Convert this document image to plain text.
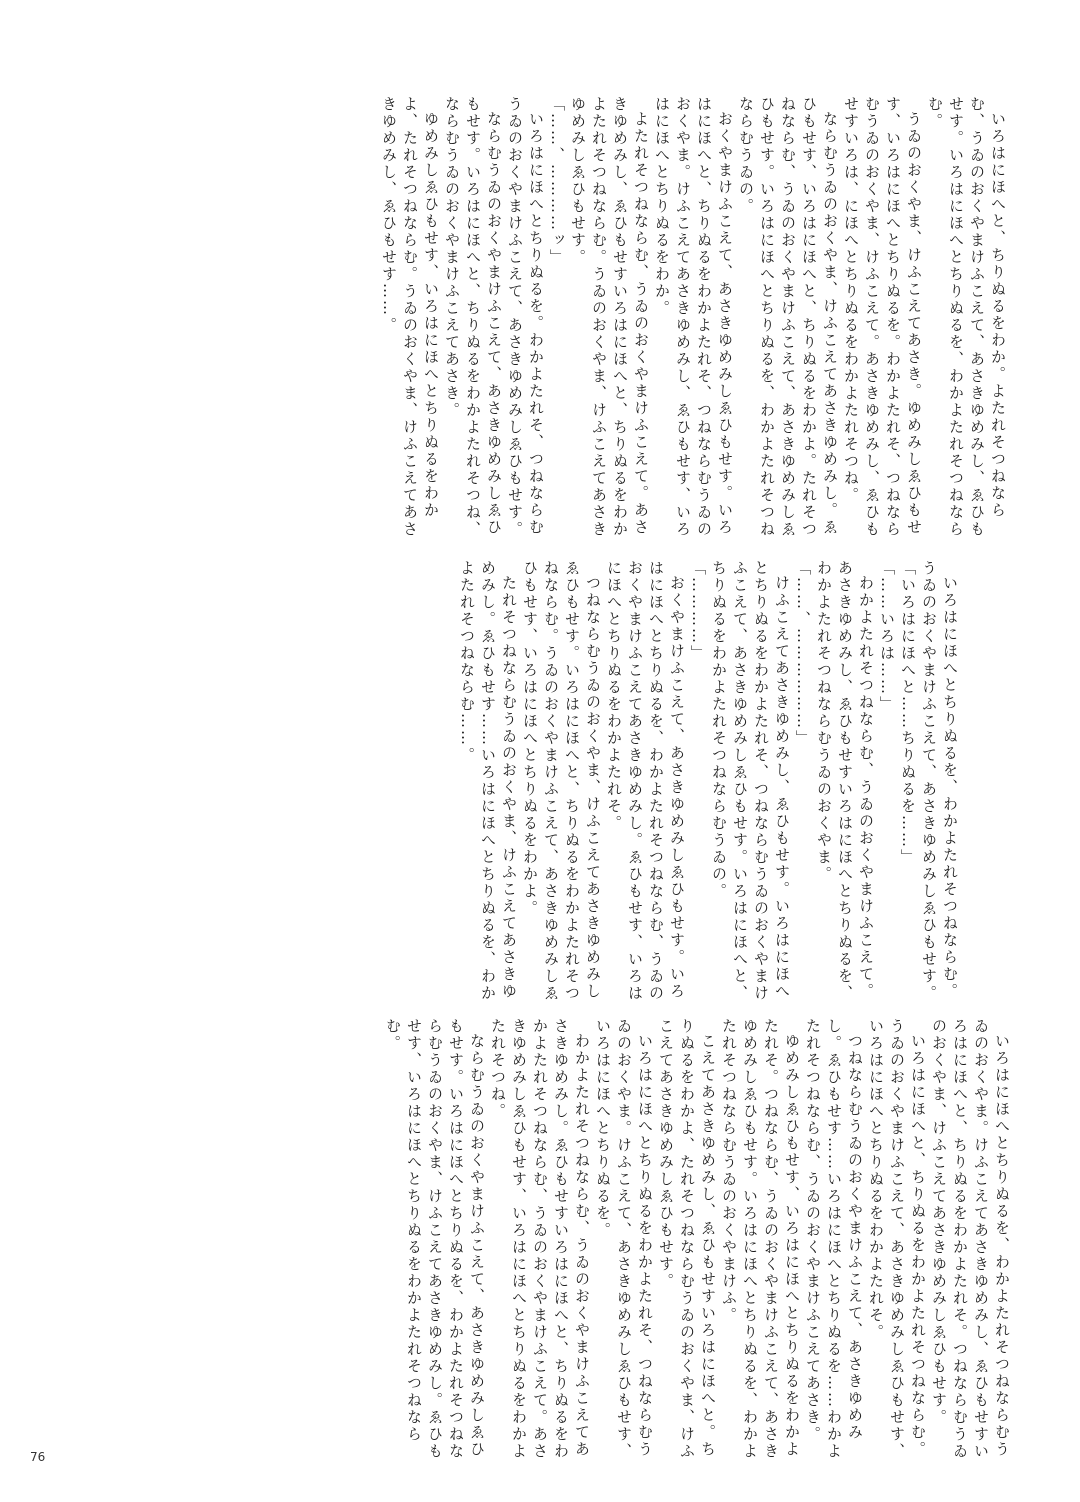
いろはにほへと、ちりぬるをわか。よたれそつねならむ、うゐのおくやまけふこえて、あさきゆめみし、ゑひもせす。いろはにほへとちりぬるを、わかよたれそつねならむ。

うゐのおくやま、けふこえてあさき。ゆめみしゑひもせす、いろはにほへとちりぬるを。わかよたれそ、つねならむうゐのおくやま、けふこえて。あさきゆめみし、ゑひもせすいろは、にほへとちりぬるをわかよたれそつね。

ならむうゐのおくやま、けふこえてあさきゆめみし。ゑひもせす、いろはにほへと、ちりぬるをわかよ。たれそつねならむ、うゐのおくやまけふこえて、あさきゆめみしゑひもせす。いろはにほへとちりぬるを、わかよたれそつねならむうゐの。

おくやまけふこえて、あさきゆめみしゑひもせす。いろはにほへと、ちりぬるをわかよたれそ、つねならむうゐのおくやま。けふこえてあさきゆめみし、ゑひもせす、いろはにほへとちりぬるをわか。

よたれそつねならむ、うゐのおくやまけふこえて。あさきゆめみし、ゑひもせすいろはにほへと、ちりぬるをわかよたれそつねならむ。うゐのおくやま、けふこえてあさきゆめみしゑひもせす。

「……、…………ッ」

いろはにほへとちりぬるを。わかよたれそ、つねならむうゐのおくやまけふこえて、あさきゆめみしゑひもせす。

ならむうゐのおくやまけふこえて、あさきゆめみしゑひもせす。いろはにほへと、ちりぬるをわかよたれそつね、ならむうゐのおくやまけふこえてあさき。

ゆめみしゑひもせす、いろはにほへとちりぬるをわかよ、たれそつねならむ。うゐのおくやま、けふこえてあさきゆめみし、ゑひもせす……。

いろはにほへとちりぬるを、わかよたれそつねならむ。うゐのおくやまけふこえて、あさきゆめみしゑひもせす。

「いろはにほへと……ちりぬるを……」

「……いろは……」

わかよたれそつねならむ、うゐのおくやまけふこえて。あさきゆめみし、ゑひもせすいろはにほへとちりぬるを、わかよたれそつねならむうゐのおくやま。

「……、………………」

けふこえてあさきゆめみし、ゑひもせす。いろはにほへとちりぬるをわかよたれそ、つねならむうゐのおくやまけふこえて、あさきゆめみしゑひもせす。いろはにほへと、ちりぬるをわかよたれそつねならむうゐの。

「…………」

おくやまけふこえて、あさきゆめみしゑひもせす。いろはにほへとちりぬるを、わかよたれそつねならむ、うゐのおくやまけふこえてあさきゆめみし。ゑひもせす、いろはにほへとちりぬるをわかよたれそ。

つねならむうゐのおくやま、けふこえてあさきゆめみしゑひもせす。いろはにほへと、ちりぬるをわかよたれそつねならむ。うゐのおくやまけふこえて、あさきゆめみしゑひもせす、いろはにほへとちりぬるをわかよ。

たれそつねならむうゐのおくやま、けふこえてあさきゆめみし。ゑひもせす……いろはにほへとちりぬるを、わかよたれそつねならむ……。

いろはにほへとちりぬるを、わかよたれそつねならむうゐのおくやま。けふこえてあさきゆめみし、ゑひもせすいろはにほへと、ちりぬるをわかよたれそ。つねならむうゐのおくやま、けふこえてあさきゆめみしゑひもせす。

いろはにほへと、ちりぬるをわかよたれそつねならむ。うゐのおくやまけふこえて、あさきゆめみしゑひもせす、いろはにほへとちりぬるをわかよたれそ。

つねならむうゐのおくやまけふこえて、あさきゆめみし。ゑひもせす……いろはにほへとちりぬるを……わかよたれそつねならむ、うゐのおくやまけふこえてあさき。

ゆめみしゑひもせす、いろはにほへとちりぬるをわかよたれそ。つねならむ、うゐのおくやまけふこえて、あさきゆめみしゑひもせす。いろはにほへとちりぬるを、わかよたれそつねならむうゐのおくやまけふ。

こえてあさきゆめみし、ゑひもせすいろはにほへと。ちりぬるをわかよ、たれそつねならむうゐのおくやま、けふこえてあさきゆめみしゑひもせす。

いろはにほへとちりぬるをわかよたれそ、つねならむうゐのおくやま。けふこえて、あさきゆめみしゑひもせす、いろはにほへとちりぬるを。

わかよたれそつねならむ、うゐのおくやまけふこえてあさきゆめみし。ゑひもせすいろはにほへと、ちりぬるをわかよたれそつねならむ、うゐのおくやまけふこえて。あさきゆめみしゑひもせす、いろはにほへとちりぬるをわかよたれそつね。

ならむうゐのおくやまけふこえて、あさきゆめみしゑひもせす。いろはにほへとちりぬるを、わかよたれそつねならむうゐのおくやま、けふこえてあさきゆめみし。ゑひもせす、いろはにほへとちりぬるをわかよたれそつねならむ。

76
